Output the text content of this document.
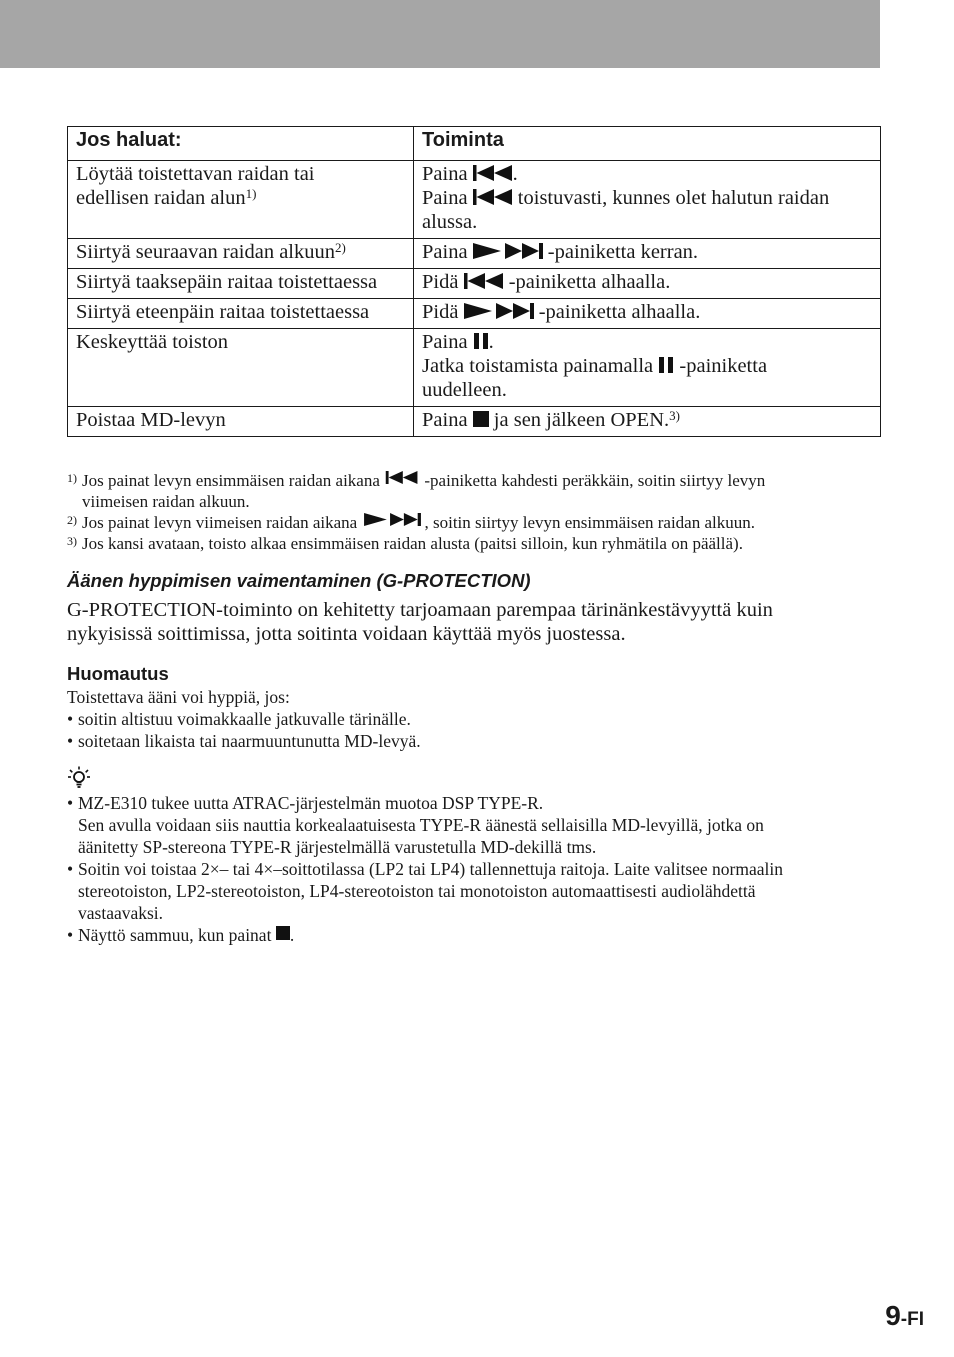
Jos haluat:	Toiminta

Löytää toistettavan raidan tai
edellisen raidan alun$^{1)}$	Paina .
Paina toistuvasti, kunnes olet halutun raidan
alussa.

Siirtyä seuraavan raidan alkuun$^{2)}$	Paina -painiketta kerran.
Siirtyä taaksepäin raitaa toistettaessa	Pidä -painiketta alhaalla.
Siirtyä eteenpäin raitaa toistettaessa	Pidä -painiketta alhaalla.
Keskeyttää toiston	Paina .
Jatka toistamista painamalla -painiketta
uudelleen.

Poistaa MD-levyn	Paina ja sen jälkeen OPEN.$^{3)}$
1) Jos painat levyn ensimmäisen raidan aikana	-painiketta kahdesti peräkkäin, soitin siirtyy levyn
viimeisen raidan alkuun.
2) Jos painat levyn viimeisen raidan aikana	, soitin siirtyy levyn ensimmäisen raidan alkuun.
3) Jos kansi avataan, toisto alkaa ensimmäisen raidan alusta (paitsi silloin, kun ryhmätila on päällä).
Äänen hyppimisen vaimentaminen (G-PROTECTION)
G-PROTECTION-toiminto on kehitetty tarjoamaan parempaa tärinänkestävyyttä kuin
nykyisissä soittimissa, jotta soitinta voidaan käyttää myös juostessa.
Huomautus
Toistettava ääni voi hyppiä, jos:
• soitin altistuu voimakkaalle jatkuvalle tärinälle.
• soitetaan likaista tai naarmuuntunutta MD-levyä.
• MZ-E310 tukee uutta ATRAC-järjestelmän muotoa DSP TYPE-R.
Sen avulla voidaan siis nauttia korkealaatuisesta TYPE-R äänestä sellaisilla MD-levyillä, jotka on
äänitetty SP-stereona TYPE-R järjestelmällä varustetulla MD-dekillä tms.
• Soitin voi toistaa 2×– tai 4×–soittotilassa (LP2 tai LP4) tallennettuja raitoja. Laite valitsee normaalin
stereotoiston, LP2-stereotoiston, LP4-stereotoiston tai monotoiston automaattisesti audiolähdettä
vastaavaksi.
• Näyttö sammuu, kun painat .
9-FI
